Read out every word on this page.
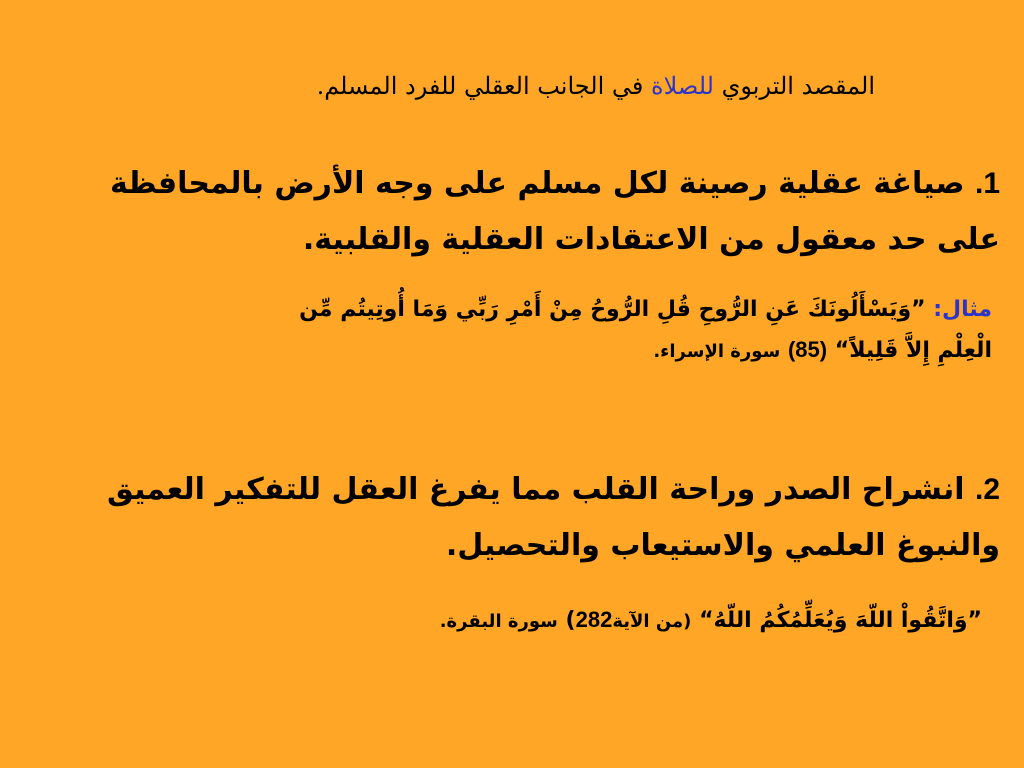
المقصد التربوي للصلاة في الجانب العقلي للفرد المسلم.
1. صياغة عقلية رصينة لكل مسلم على وجه الأرض بالمحافظة
على حد معقول من الاعتقادات العقلية والقلبية.
مثال: ”وَيَسْأَلُونَكَ عَنِ الرُّوحِ قُلِ الرُّوحُ مِنْ أَمْرِ رَبِّي وَمَا أُوتِيتُم مِّن
الْعِلْمِ إِلاَّ قَلِيلاً“ (85) سورة الإسراء.
2. انشراح الصدر وراحة القلب مما يفرغ العقل للتفكير العميق
والنبوغ العلمي والاستيعاب والتحصيل.
”وَاتَّقُواْ اللّهَ وَيُعَلِّمُكُمُ اللّهُ“ (من الآية282) سورة البقرة.
